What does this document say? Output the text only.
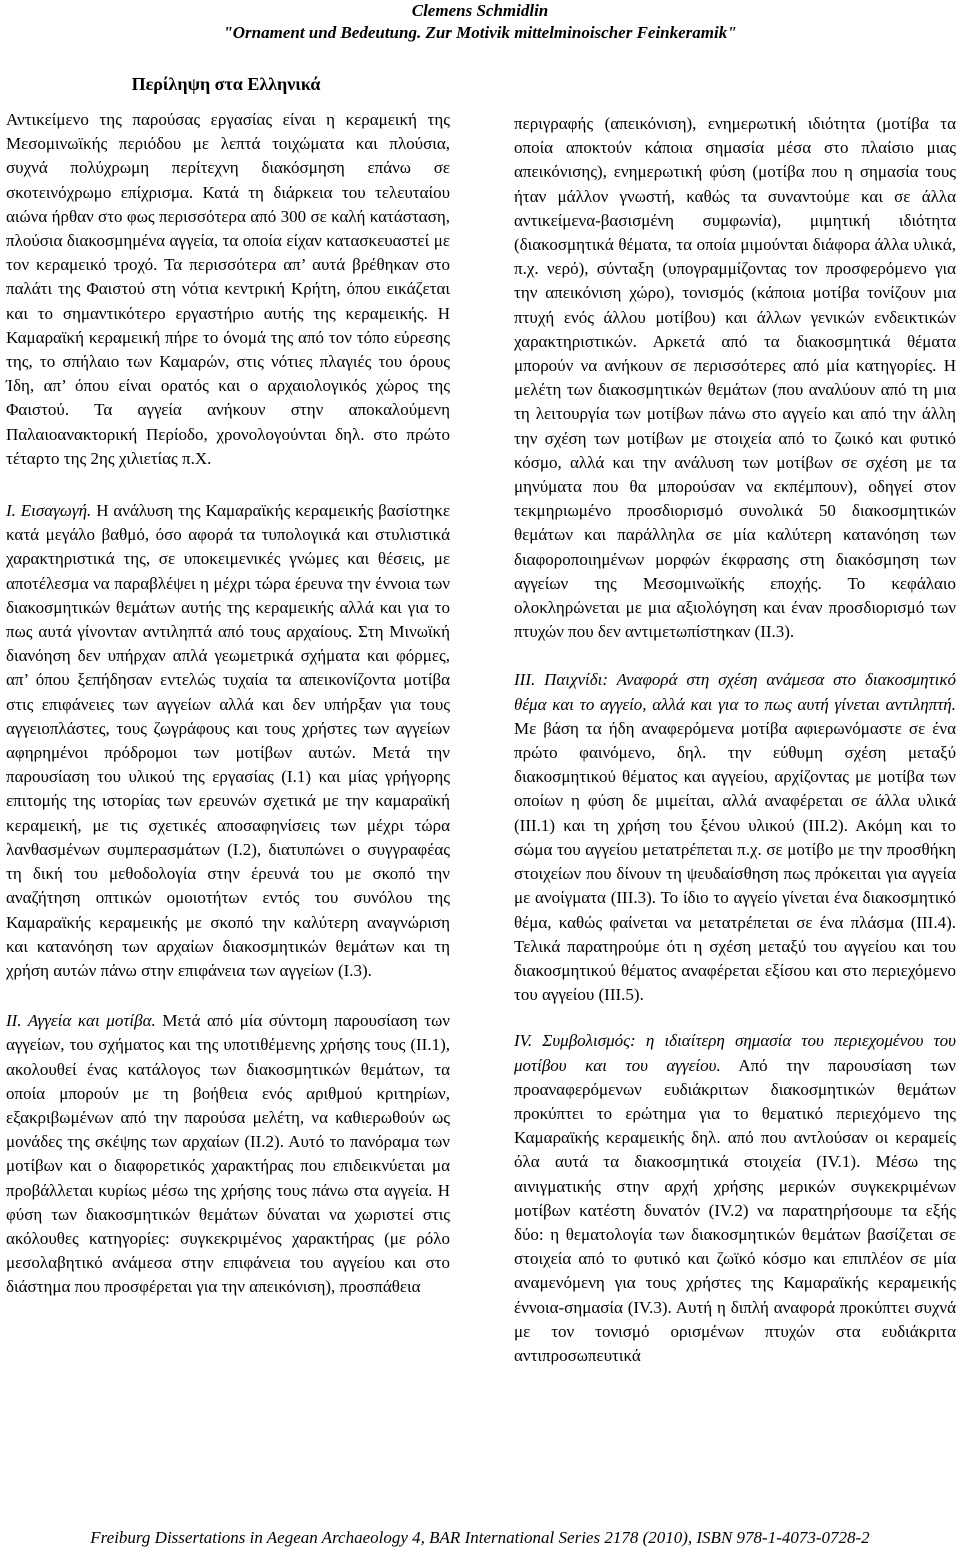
Clemens Schmidlin
"Ornament und Bedeutung. Zur Motivik mittelminoischer Feinkeramik"
Περίληψη στα Ελληνικά

Αντικείμενο της παρούσας εργασίας είναι η κεραμεική της Μεσομινωϊκής περιόδου με λεπτά τοιχώματα και πλούσια, συχνά πολύχρωμη περίτεχνη διακόσμηση επάνω σε σκοτεινόχρωμο επίχρισμα. Κατά τη διάρκεια του τελευταίου αιώνα ήρθαν στο φως περισσότερα από 300 σε καλή κατάσταση, πλούσια διακοσμημένα αγγεία, τα οποία είχαν κατασκευαστεί με τον κεραμεικό τροχό. Τα περισσότερα απ’ αυτά βρέθηκαν στο παλάτι της Φαιστού στη νότια κεντρική Κρήτη, όπου εικάζεται και το σημαντικότερο εργαστήριο αυτής της κεραμεικής. Η Καμαραϊκή κεραμεική πήρε το όνομά της από τον τόπο εύρεσης της, το σπήλαιο των Καμαρών, στις νότιες πλαγιές του όρους Ίδη, απ’ όπου είναι ορατός και ο αρχαιολογικός χώρος της Φαιστού. Τα αγγεία ανήκουν στην αποκαλούμενη Παλαιοανακτορική Περίοδο, χρονολογούνται δηλ. στο πρώτο τέταρτο της 2ης χιλιετίας π.Χ.

Ι. Εισαγωγή. Η ανάλυση της Καμαραϊκής κεραμεικής βασίστηκε κατά μεγάλο βαθμό, όσο αφορά τα τυπολογικά και στυλιστικά χαρακτηριστικά της, σε υποκειμενικές γνώμες και θέσεις, με αποτέλεσμα να παραβλέψει η μέχρι τώρα έρευνα την έννοια των διακοσμητικών θεμάτων αυτής της κεραμεικής αλλά και για το πως αυτά γίνονταν αντιληπτά από τους αρχαίους. Στη Μινωϊκή διανόηση δεν υπήρχαν απλά γεωμετρικά σχήματα και φόρμες, απ’ όπου ξεπήδησαν εντελώς τυχαία τα απεικονίζοντα μοτίβα στις επιφάνειες των αγγείων αλλά και δεν υπήρξαν για τους αγγειοπλάστες, τους ζωγράφους και τους χρήστες των αγγείων αφηρημένοι πρόδρομοι των μοτίβων αυτών. Μετά την παρουσίαση του υλικού της εργασίας (Ι.1) και μίας γρήγορης επιτομής της ιστορίας των ερευνών σχετικά με την καμαραϊκή κεραμεική, με τις σχετικές αποσαφηνίσεις των μέχρι τώρα λανθασμένων συμπερασμάτων (Ι.2), διατυπώνει ο συγγραφέας τη δική του μεθοδολογία στην έρευνά του με σκοπό την αναζήτηση οπτικών ομοιοτήτων εντός του συνόλου της Καμαραϊκής κεραμεικής με σκοπό την καλύτερη αναγνώριση και κατανόηση των αρχαίων διακοσμητικών θεμάτων και τη χρήση αυτών πάνω στην επιφάνεια των αγγείων (Ι.3).

ΙΙ. Αγγεία και μοτίβα. Μετά από μία σύντομη παρουσίαση των αγγείων, του σχήματος και της υποτιθέμενης χρήσης τους (ΙΙ.1), ακολουθεί ένας κατάλογος των διακοσμητικών θεμάτων, τα οποία μπορούν με τη βοήθεια ενός αριθμού κριτηρίων, εξακριβωμένων από την παρούσα μελέτη, να καθιερωθούν ως μονάδες της σκέψης των αρχαίων (ΙΙ.2). Αυτό το πανόραμα των μοτίβων και ο διαφορετικός χαρακτήρας που επιδεικνύεται μα προβάλλεται κυρίως μέσω της χρήσης τους πάνω στα αγγεία. Η φύση των διακοσμητικών θεμάτων δύναται να χωριστεί στις ακόλουθες κατηγορίες: συγκεκριμένος χαρακτήρας (με ρόλο μεσολαβητικό ανάμεσα στην επιφάνεια του αγγείου και στο διάστημα που προσφέρεται για την απεικόνιση), προσπάθεια

περιγραφής (απεικόνιση), ενημερωτική ιδιότητα (μοτίβα τα οποία αποκτούν κάποια σημασία μέσα στο πλαίσιο μιας απεικόνισης), ενημερωτική φύση (μοτίβα που η σημασία τους ήταν μάλλον γνωστή, καθώς τα συναντούμε και σε άλλα αντικείμενα-βασισμένη συμφωνία), μιμητική ιδιότητα (διακοσμητικά θέματα, τα οποία μιμούνται διάφορα άλλα υλικά, π.χ. νερό), σύνταξη (υπογραμμίζοντας τον προσφερόμενο για την απεικόνιση χώρο), τονισμός (κάποια μοτίβα τονίζουν μια πτυχή ενός άλλου μοτίβου) και άλλων γενικών ενδεικτικών χαρακτηριστικών. Αρκετά από τα διακοσμητικά θέματα μπορούν να ανήκουν σε περισσότερες από μία κατηγορίες. Η μελέτη των διακοσμητικών θεμάτων (που αναλύουν από τη μια τη λειτουργία των μοτίβων πάνω στο αγγείο και από την άλλη την σχέση των μοτίβων με στοιχεία από το ζωικό και φυτικό κόσμο, αλλά και την ανάλυση των μοτίβων σε σχέση με τα μηνύματα που θα μπορούσαν να εκπέμπουν), οδηγεί στον τεκμηριωμένο προσδιορισμό συνολικά 50 διακοσμητικών θεμάτων και παράλληλα σε μία καλύτερη κατανόηση των διαφοροποιημένων μορφών έκφρασης στη διακόσμηση των αγγείων της Μεσομινωϊκής εποχής. Το κεφάλαιο ολοκληρώνεται με μια αξιολόγηση και έναν προσδιορισμό των πτυχών που δεν αντιμετωπίστηκαν (ΙΙ.3).

ΙΙΙ. Παιχνίδι: Αναφορά στη σχέση ανάμεσα στο διακοσμητικό θέμα και το αγγείο, αλλά και για το πως αυτή γίνεται αντιληπτή. Με βάση τα ήδη αναφερόμενα μοτίβα αφιερωνόμαστε σε ένα πρώτο φαινόμενο, δηλ. την εύθυμη σχέση μεταξύ διακοσμητικού θέματος και αγγείου, αρχίζοντας με μοτίβα των οποίων η φύση δε μιμείται, αλλά αναφέρεται σε άλλα υλικά (ΙΙΙ.1) και τη χρήση του ξένου υλικού (ΙΙΙ.2). Ακόμη και το σώμα του αγγείου μετατρέπεται π.χ. σε μοτίβο με την προσθήκη στοιχείων που δίνουν τη ψευδαίσθηση πως πρόκειται για αγγεία με ανοίγματα (ΙΙΙ.3). Το ίδιο το αγγείο γίνεται ένα διακοσμητικό θέμα, καθώς φαίνεται να μετατρέπεται σε ένα πλάσμα (ΙΙΙ.4). Τελικά παρατηρούμε ότι η σχέση μεταξύ του αγγείου και του διακοσμητικού θέματος αναφέρεται εξίσου και στο περιεχόμενο του αγγείου (ΙΙΙ.5).

IV. Συμβολισμός: η ιδιαίτερη σημασία του περιεχομένου του μοτίβου και του αγγείου. Από την παρουσίαση των προαναφερόμενων ευδιάκριτων διακοσμητικών θεμάτων προκύπτει το ερώτημα για το θεματικό περιεχόμενο της Καμαραϊκής κεραμεικής δηλ. από που αντλούσαν οι κεραμείς όλα αυτά τα διακοσμητικά στοιχεία (IV.1). Μέσω της αινιγματικής στην αρχή χρήσης μερικών συγκεκριμένων μοτίβων κατέστη δυνατόν (IV.2) να παρατηρήσουμε τα εξής δύο: η θεματολογία των διακοσμητικών θεμάτων βασίζεται σε στοιχεία από το φυτικό και ζωϊκό κόσμο και επιπλέον σε μία αναμενόμενη για τους χρήστες της Καμαραϊκής κεραμεικής έννοια-σημασία (IV.3). Αυτή η διπλή αναφορά προκύπτει συχνά με τον τονισμό ορισμένων πτυχών στα ευδιάκριτα αντιπροσωπευτικά

Freiburg Dissertations in Aegean Archaeology 4, BAR International Series 2178 (2010), ISBN 978-1-4073-0728-2
